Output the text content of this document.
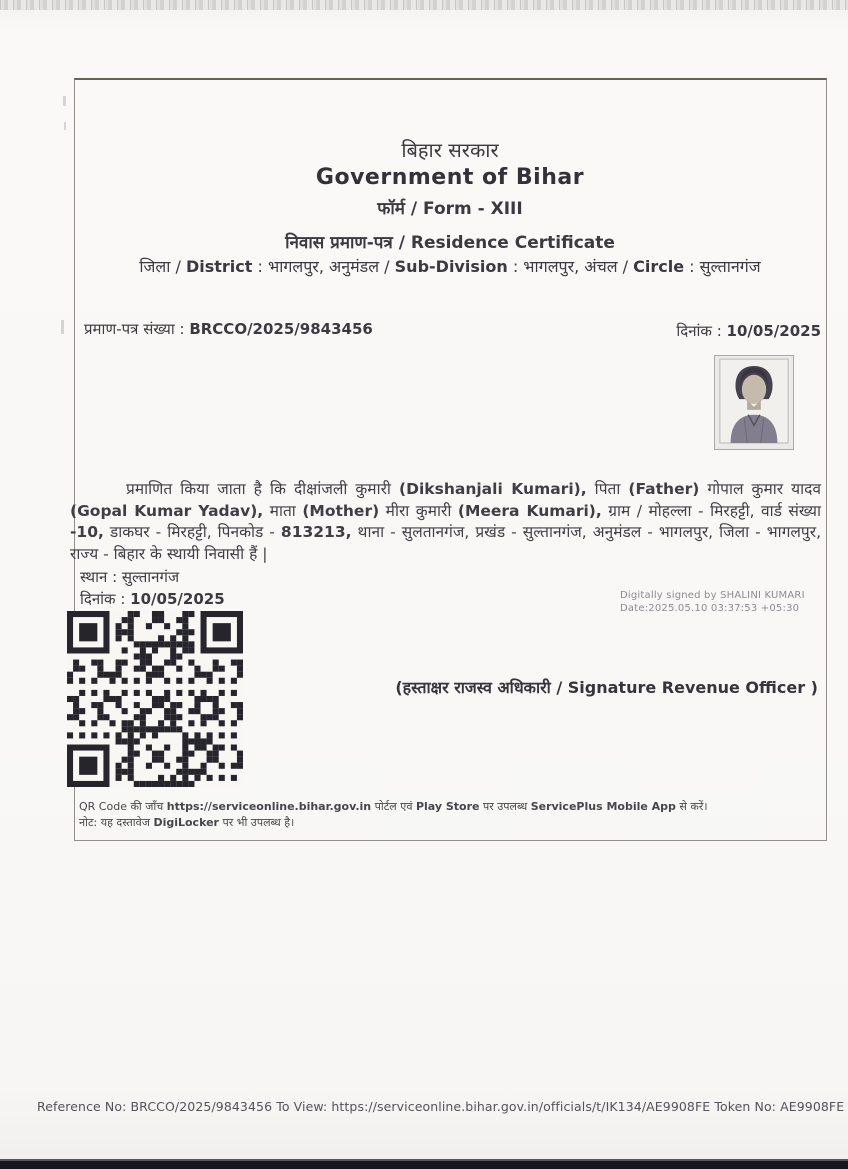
बिहार सरकार
Government of Bihar
फॉर्म / Form - XIII
निवास प्रमाण-पत्र / Residence Certificate
जिला / District : भागलपुर, अनुमंडल / Sub-Division : भागलपुर, अंचल / Circle : सुल्तानगंज
प्रमाण-पत्र संख्या : BRCCO/2025/9843456	दिनांक : 10/05/2025

प्रमाणित किया जाता है कि दीक्षांजली कुमारी (Dikshanjali Kumari), पिता (Father) गोपाल कुमार यादव (Gopal Kumar Yadav), माता (Mother) मीरा कुमारी (Meera Kumari), ग्राम / मोहल्ला - मिरहट्टी, वार्ड संख्या -10, डाकघर - मिरहट्टी, पिनकोड - 813213, थाना - सुलतानगंज, प्रखंड - सुल्तानगंज, अनुमंडल - भागलपुर, जिला - भागलपुर, राज्य - बिहार के स्थायी निवासी हैं |

स्थान : सुल्तानगंज
दिनांक : 10/05/2025	Digitally signed by SHALINI KUMARI
Date:2025.05.10 03:37:53 +05:30
(हस्ताक्षर राजस्व अधिकारी / Signature Revenue Officer )
QR Code की जाँच https://serviceonline.bihar.gov.in पोर्टल एवं Play Store पर उपलब्ध ServicePlus Mobile App से करें।
नोट: यह दस्तावेज DigiLocker पर भी उपलब्ध है।
Reference No: BRCCO/2025/9843456 To View: https://serviceonline.bihar.gov.in/officials/t/IK134/AE9908FE Token No: AE9908FE
